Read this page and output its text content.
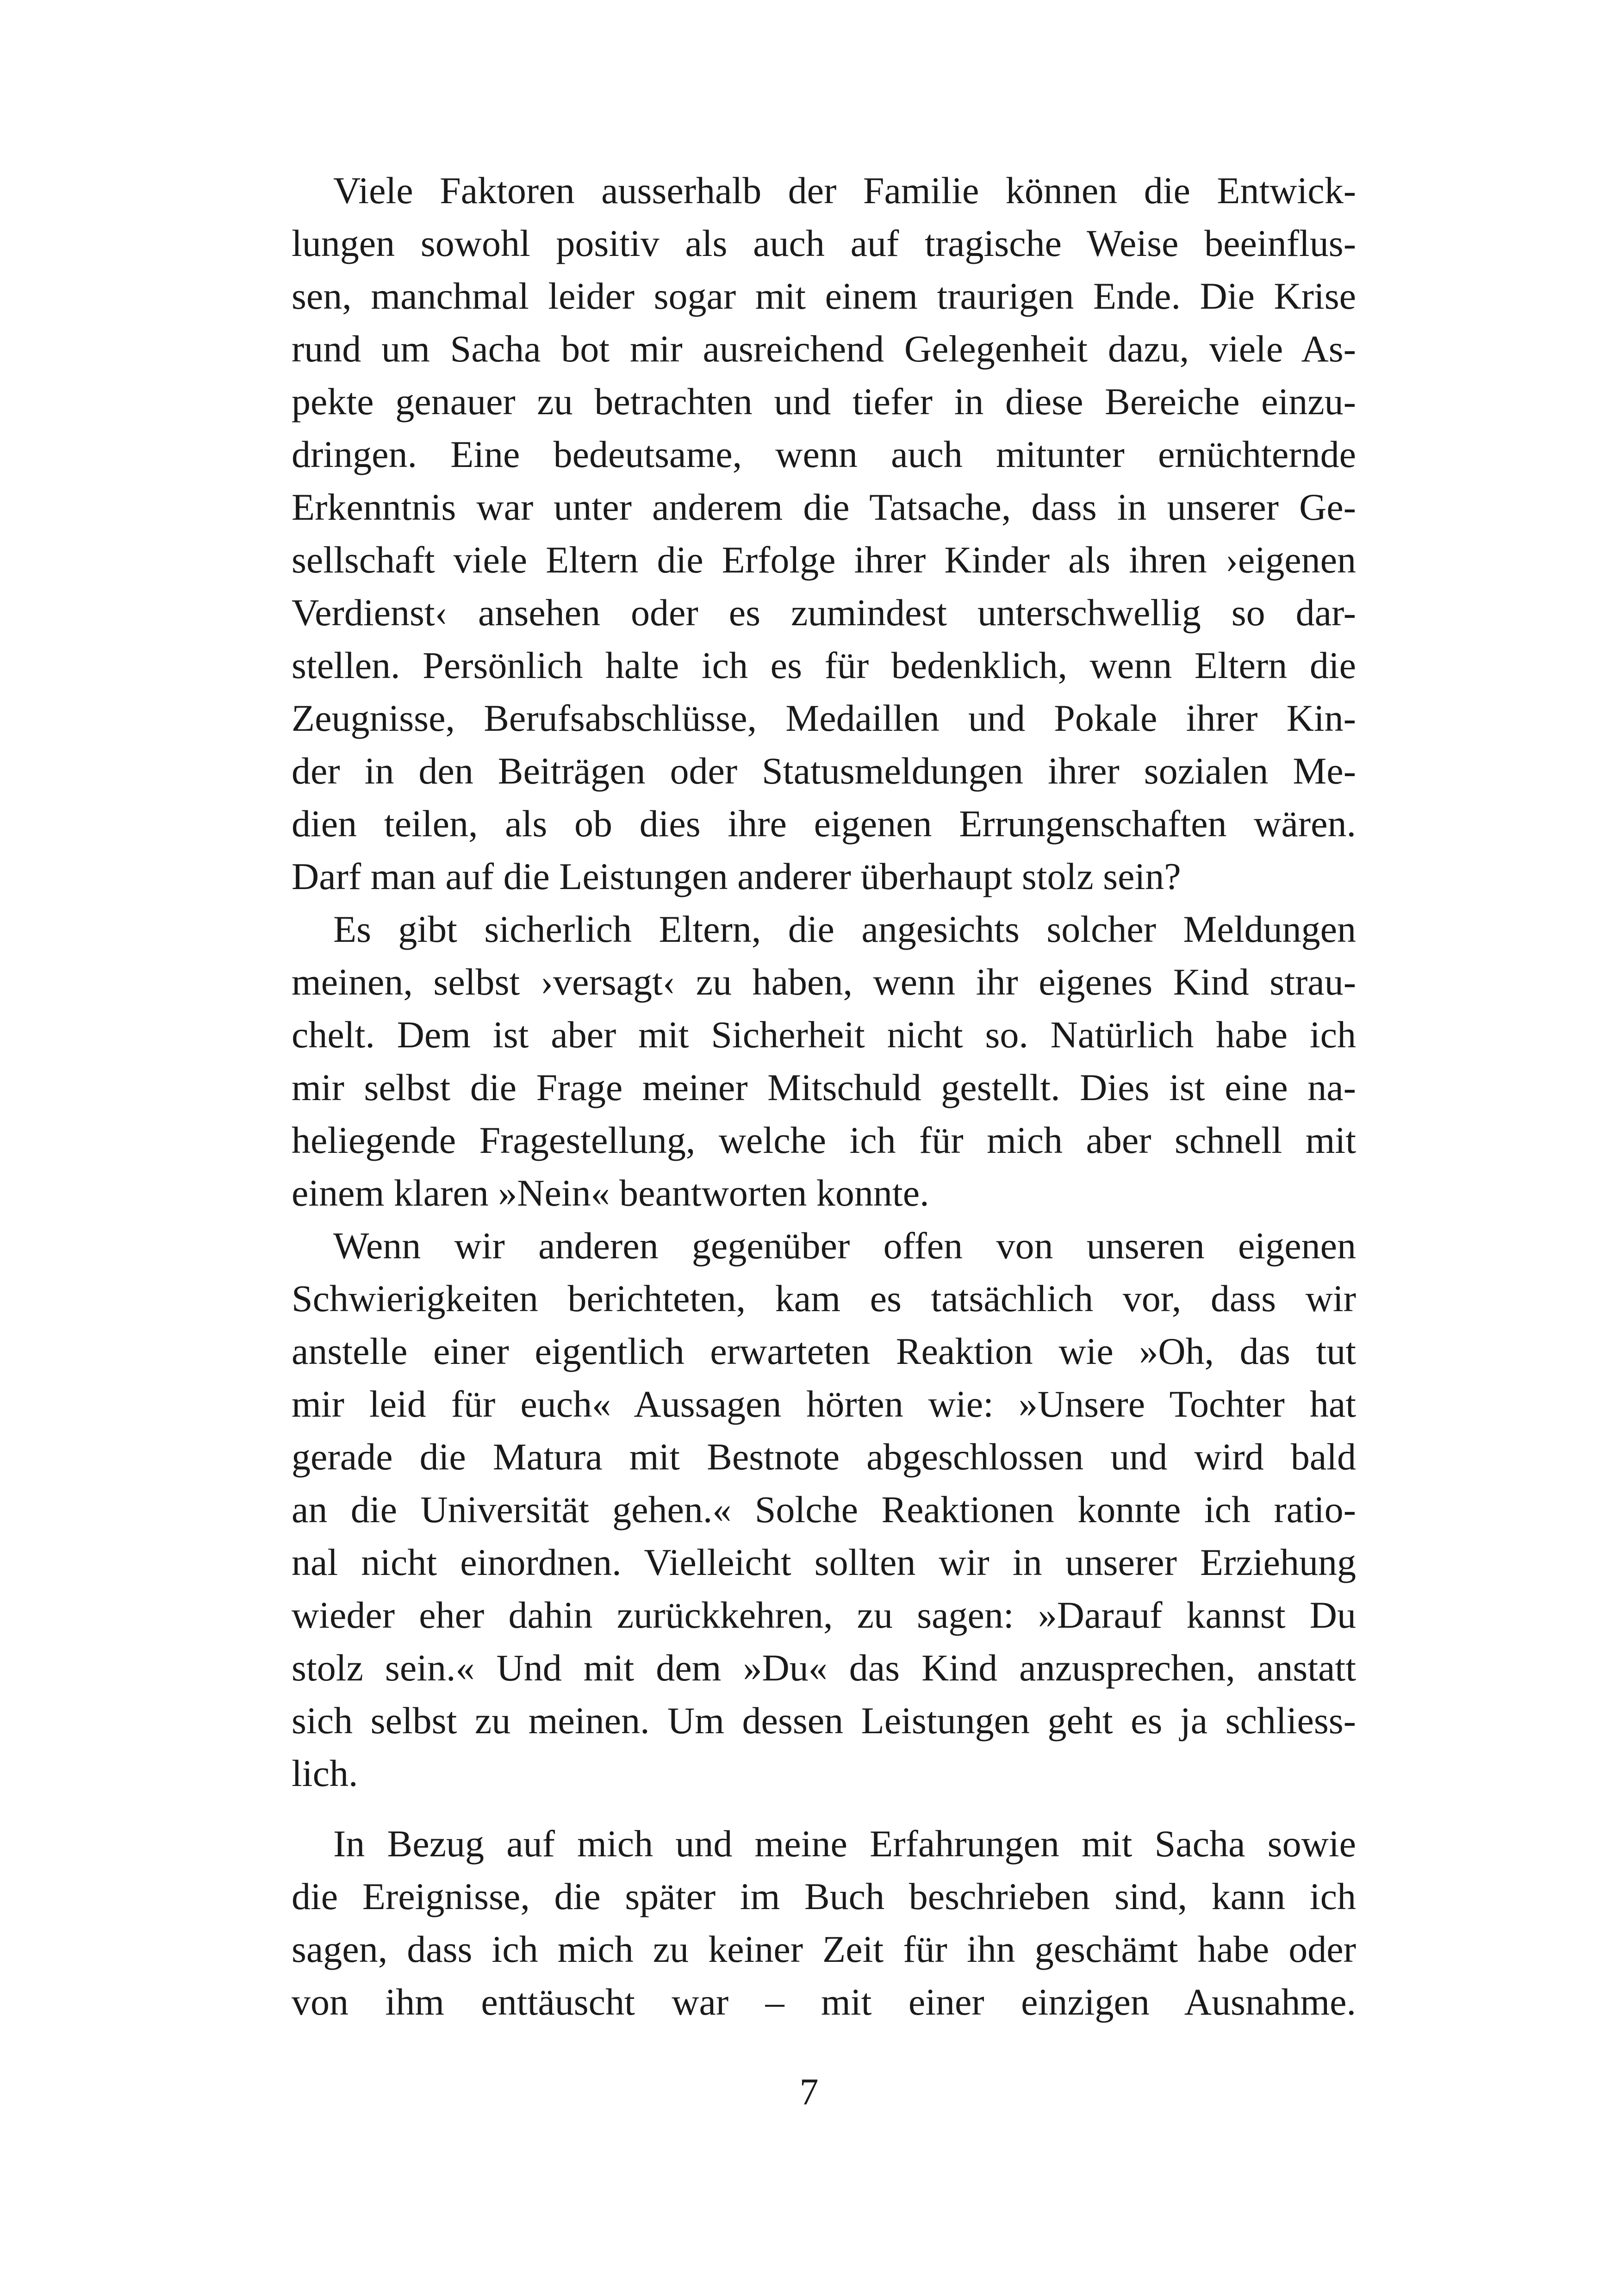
Viele Faktoren ausserhalb der Familie können die Entwick-
lungen sowohl positiv als auch auf tragische Weise beeinflus-
sen, manchmal leider sogar mit einem traurigen Ende. Die Krise
rund um Sacha bot mir ausreichend Gelegenheit dazu, viele As-
pekte genauer zu betrachten und tiefer in diese Bereiche einzu-
dringen. Eine bedeutsame, wenn auch mitunter ernüchternde
Erkenntnis war unter anderem die Tatsache, dass in unserer Ge-
sellschaft viele Eltern die Erfolge ihrer Kinder als ihren ›eigenen
Verdienst‹ ansehen oder es zumindest unterschwellig so dar-
stellen. Persönlich halte ich es für bedenklich, wenn Eltern die
Zeugnisse, Berufsabschlüsse, Medaillen und Pokale ihrer Kin-
der in den Beiträgen oder Statusmeldungen ihrer sozialen Me-
dien teilen, als ob dies ihre eigenen Errungenschaften wären.
Darf man auf die Leistungen anderer überhaupt stolz sein?
Es gibt sicherlich Eltern, die angesichts solcher Meldungen
meinen, selbst ›versagt‹ zu haben, wenn ihr eigenes Kind strau-
chelt. Dem ist aber mit Sicherheit nicht so. Natürlich habe ich
mir selbst die Frage meiner Mitschuld gestellt. Dies ist eine na-
heliegende Fragestellung, welche ich für mich aber schnell mit
einem klaren »Nein« beantworten konnte.
Wenn wir anderen gegenüber offen von unseren eigenen
Schwierigkeiten berichteten, kam es tatsächlich vor, dass wir
anstelle einer eigentlich erwarteten Reaktion wie »Oh, das tut
mir leid für euch« Aussagen hörten wie: »Unsere Tochter hat
gerade die Matura mit Bestnote abgeschlossen und wird bald
an die Universität gehen.« Solche Reaktionen konnte ich ratio-
nal nicht einordnen. Vielleicht sollten wir in unserer Erziehung
wieder eher dahin zurückkehren, zu sagen: »Darauf kannst Du
stolz sein.« Und mit dem »Du« das Kind anzusprechen, anstatt
sich selbst zu meinen. Um dessen Leistungen geht es ja schliess-
lich.
In Bezug auf mich und meine Erfahrungen mit Sacha sowie
die Ereignisse, die später im Buch beschrieben sind, kann ich
sagen, dass ich mich zu keiner Zeit für ihn geschämt habe oder
von ihm enttäuscht war – mit einer einzigen Ausnahme.
7
